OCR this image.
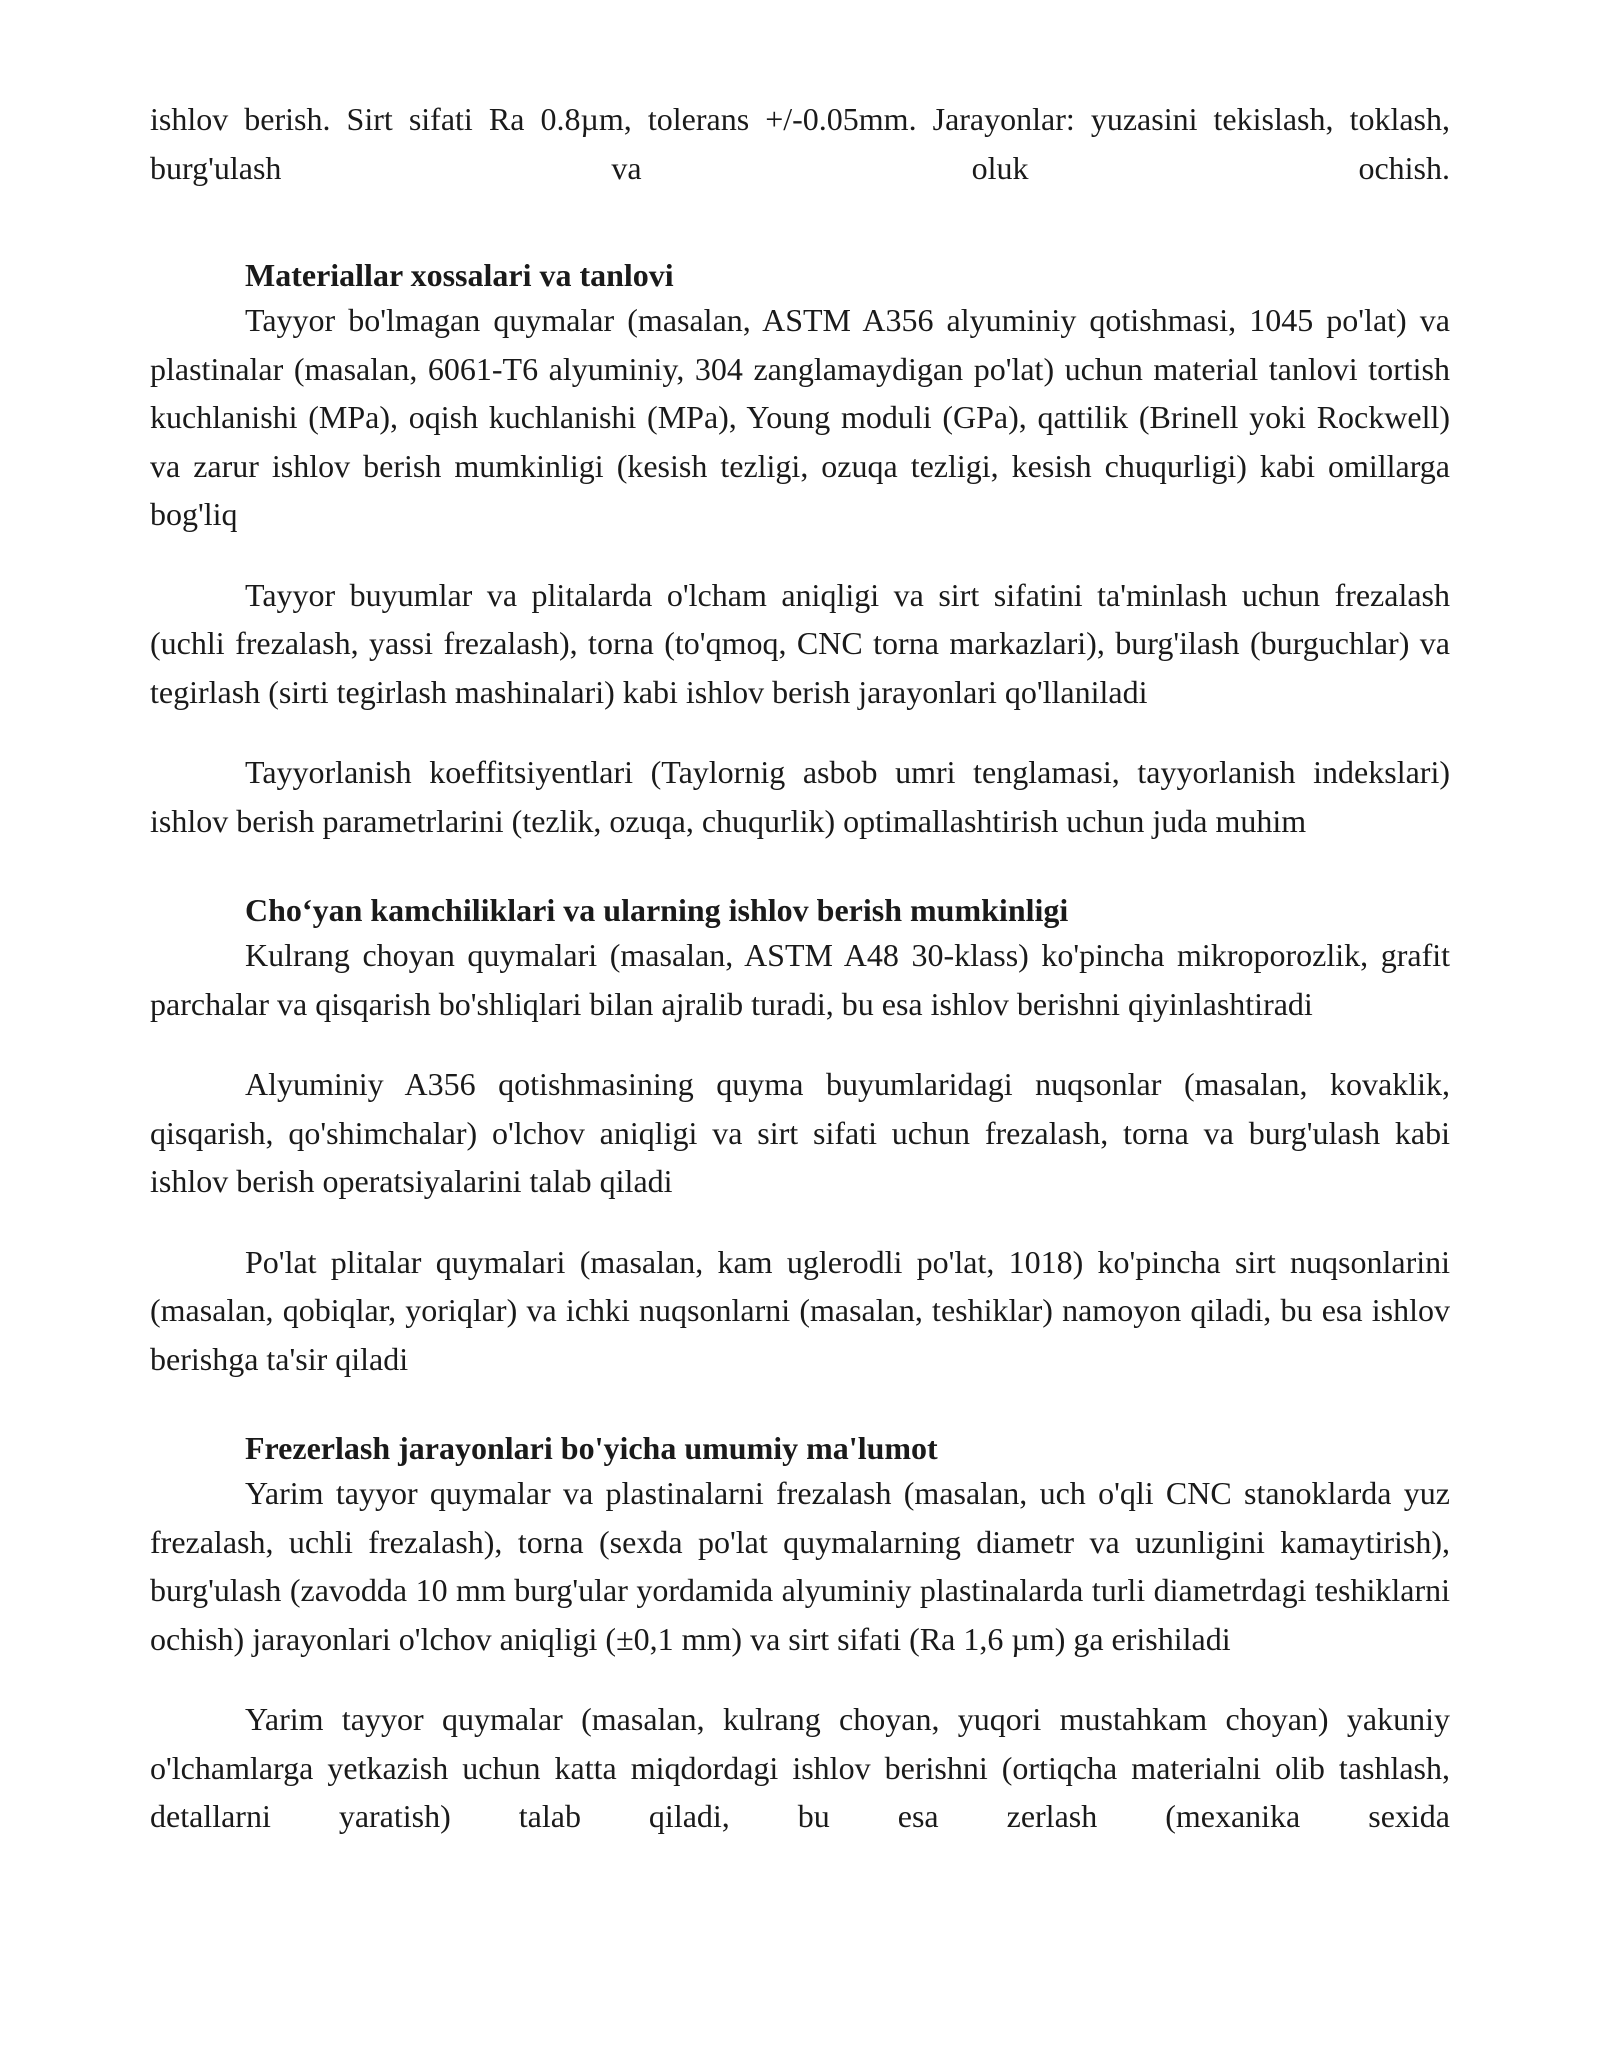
ishlov berish. Sirt sifati Ra 0.8µm, tolerans +/-0.05mm. Jarayonlar: yuzasini tekislash, toklash, burg'ulash va oluk ochish.

Materiallar xossalari va tanlovi

Tayyor bo'lmagan quymalar (masalan, ASTM A356 alyuminiy qotishmasi, 1045 po'lat) va plastinalar (masalan, 6061-T6 alyuminiy, 304 zanglamaydigan po'lat) uchun material tanlovi tortish kuchlanishi (MPa), oqish kuchlanishi (MPa), Young moduli (GPa), qattilik (Brinell yoki Rockwell) va zarur ishlov berish mumkinligi (kesish tezligi, ozuqa tezligi, kesish chuqurligi) kabi omillarga bog'liq

Tayyor buyumlar va plitalarda o'lcham aniqligi va sirt sifatini ta'minlash uchun frezalash (uchli frezalash, yassi frezalash), torna (to'qmoq, CNC torna markazlari), burg'ilash (burguchlar) va tegirlash (sirti tegirlash mashinalari) kabi ishlov berish jarayonlari qo'llaniladi

Tayyorlanish koeffitsiyentlari (Taylornig asbob umri tenglamasi, tayyorlanish indekslari) ishlov berish parametrlarini (tezlik, ozuqa, chuqurlik) optimallashtirish uchun juda muhim

Cho‘yan kamchiliklari va ularning ishlov berish mumkinligi

Kulrang choyan quymalari (masalan, ASTM A48 30-klass) ko'pincha mikroporozlik, grafit parchalar va qisqarish bo'shliqlari bilan ajralib turadi, bu esa ishlov berishni qiyinlashtiradi

Alyuminiy A356 qotishmasining quyma buyumlaridagi nuqsonlar (masalan, kovaklik, qisqarish, qo'shimchalar) o'lchov aniqligi va sirt sifati uchun frezalash, torna va burg'ulash kabi ishlov berish operatsiyalarini talab qiladi

Po'lat plitalar quymalari (masalan, kam uglerodli po'lat, 1018) ko'pincha sirt nuqsonlarini (masalan, qobiqlar, yoriqlar) va ichki nuqsonlarni (masalan, teshiklar) namoyon qiladi, bu esa ishlov berishga ta'sir qiladi

Frezerlash jarayonlari bo'yicha umumiy ma'lumot

Yarim tayyor quymalar va plastinalarni frezalash (masalan, uch o'qli CNC stanoklarda yuz frezalash, uchli frezalash), torna (sexda po'lat quymalarning diametr va uzunligini kamaytirish), burg'ulash (zavodda 10 mm burg'ular yordamida alyuminiy plastinalarda turli diametrdagi teshiklarni ochish) jarayonlari o'lchov aniqligi (±0,1 mm) va sirt sifati (Ra 1,6 µm) ga erishiladi

Yarim tayyor quymalar (masalan, kulrang choyan, yuqori mustahkam choyan) yakuniy o'lchamlarga yetkazish uchun katta miqdordagi ishlov berishni (ortiqcha materialni olib tashlash, detallarni yaratish) talab qiladi, bu esa zerlash (mexanika sexida
